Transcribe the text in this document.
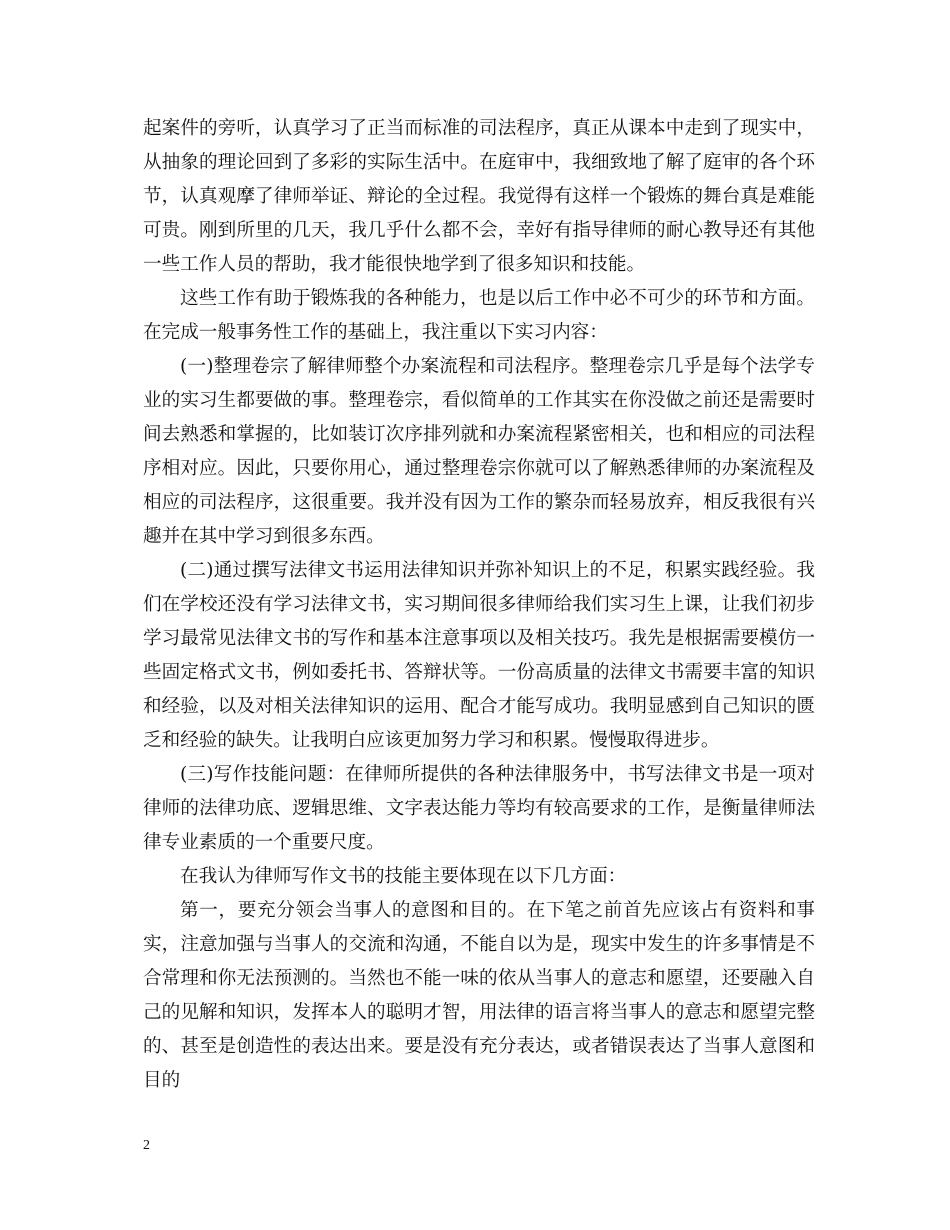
起案件的旁听，认真学习了正当而标准的司法程序，真正从课本中走到了现实中，从抽象的理论回到了多彩的实际生活中。在庭审中，我细致地了解了庭审的各个环节，认真观摩了律师举证、辩论的全过程。我觉得有这样一个锻炼的舞台真是难能可贵。刚到所里的几天，我几乎什么都不会，幸好有指导律师的耐心教导还有其他一些工作人员的帮助，我才能很快地学到了很多知识和技能。

这些工作有助于锻炼我的各种能力，也是以后工作中必不可少的环节和方面。在完成一般事务性工作的基础上，我注重以下实习内容：

(一)整理卷宗了解律师整个办案流程和司法程序。整理卷宗几乎是每个法学专业的实习生都要做的事。整理卷宗，看似简单的工作其实在你没做之前还是需要时间去熟悉和掌握的，比如装订次序排列就和办案流程紧密相关，也和相应的司法程序相对应。因此，只要你用心，通过整理卷宗你就可以了解熟悉律师的办案流程及相应的司法程序，这很重要。我并没有因为工作的繁杂而轻易放弃，相反我很有兴趣并在其中学习到很多东西。

(二)通过撰写法律文书运用法律知识并弥补知识上的不足，积累实践经验。我们在学校还没有学习法律文书，实习期间很多律师给我们实习生上课，让我们初步学习最常见法律文书的写作和基本注意事项以及相关技巧。我先是根据需要模仿一些固定格式文书，例如委托书、答辩状等。一份高质量的法律文书需要丰富的知识和经验，以及对相关法律知识的运用、配合才能写成功。我明显感到自己知识的匮乏和经验的缺失。让我明白应该更加努力学习和积累。慢慢取得进步。

(三)写作技能问题：在律师所提供的各种法律服务中，书写法律文书是一项对律师的法律功底、逻辑思维、文字表达能力等均有较高要求的工作，是衡量律师法律专业素质的一个重要尺度。

在我认为律师写作文书的技能主要体现在以下几方面：

第一，要充分领会当事人的意图和目的。在下笔之前首先应该占有资料和事实，注意加强与当事人的交流和沟通，不能自以为是，现实中发生的许多事情是不合常理和你无法预测的。当然也不能一味的依从当事人的意志和愿望，还要融入自己的见解和知识，发挥本人的聪明才智，用法律的语言将当事人的意志和愿望完整的、甚至是创造性的表达出来。要是没有充分表达，或者错误表达了当事人意图和目的

2
